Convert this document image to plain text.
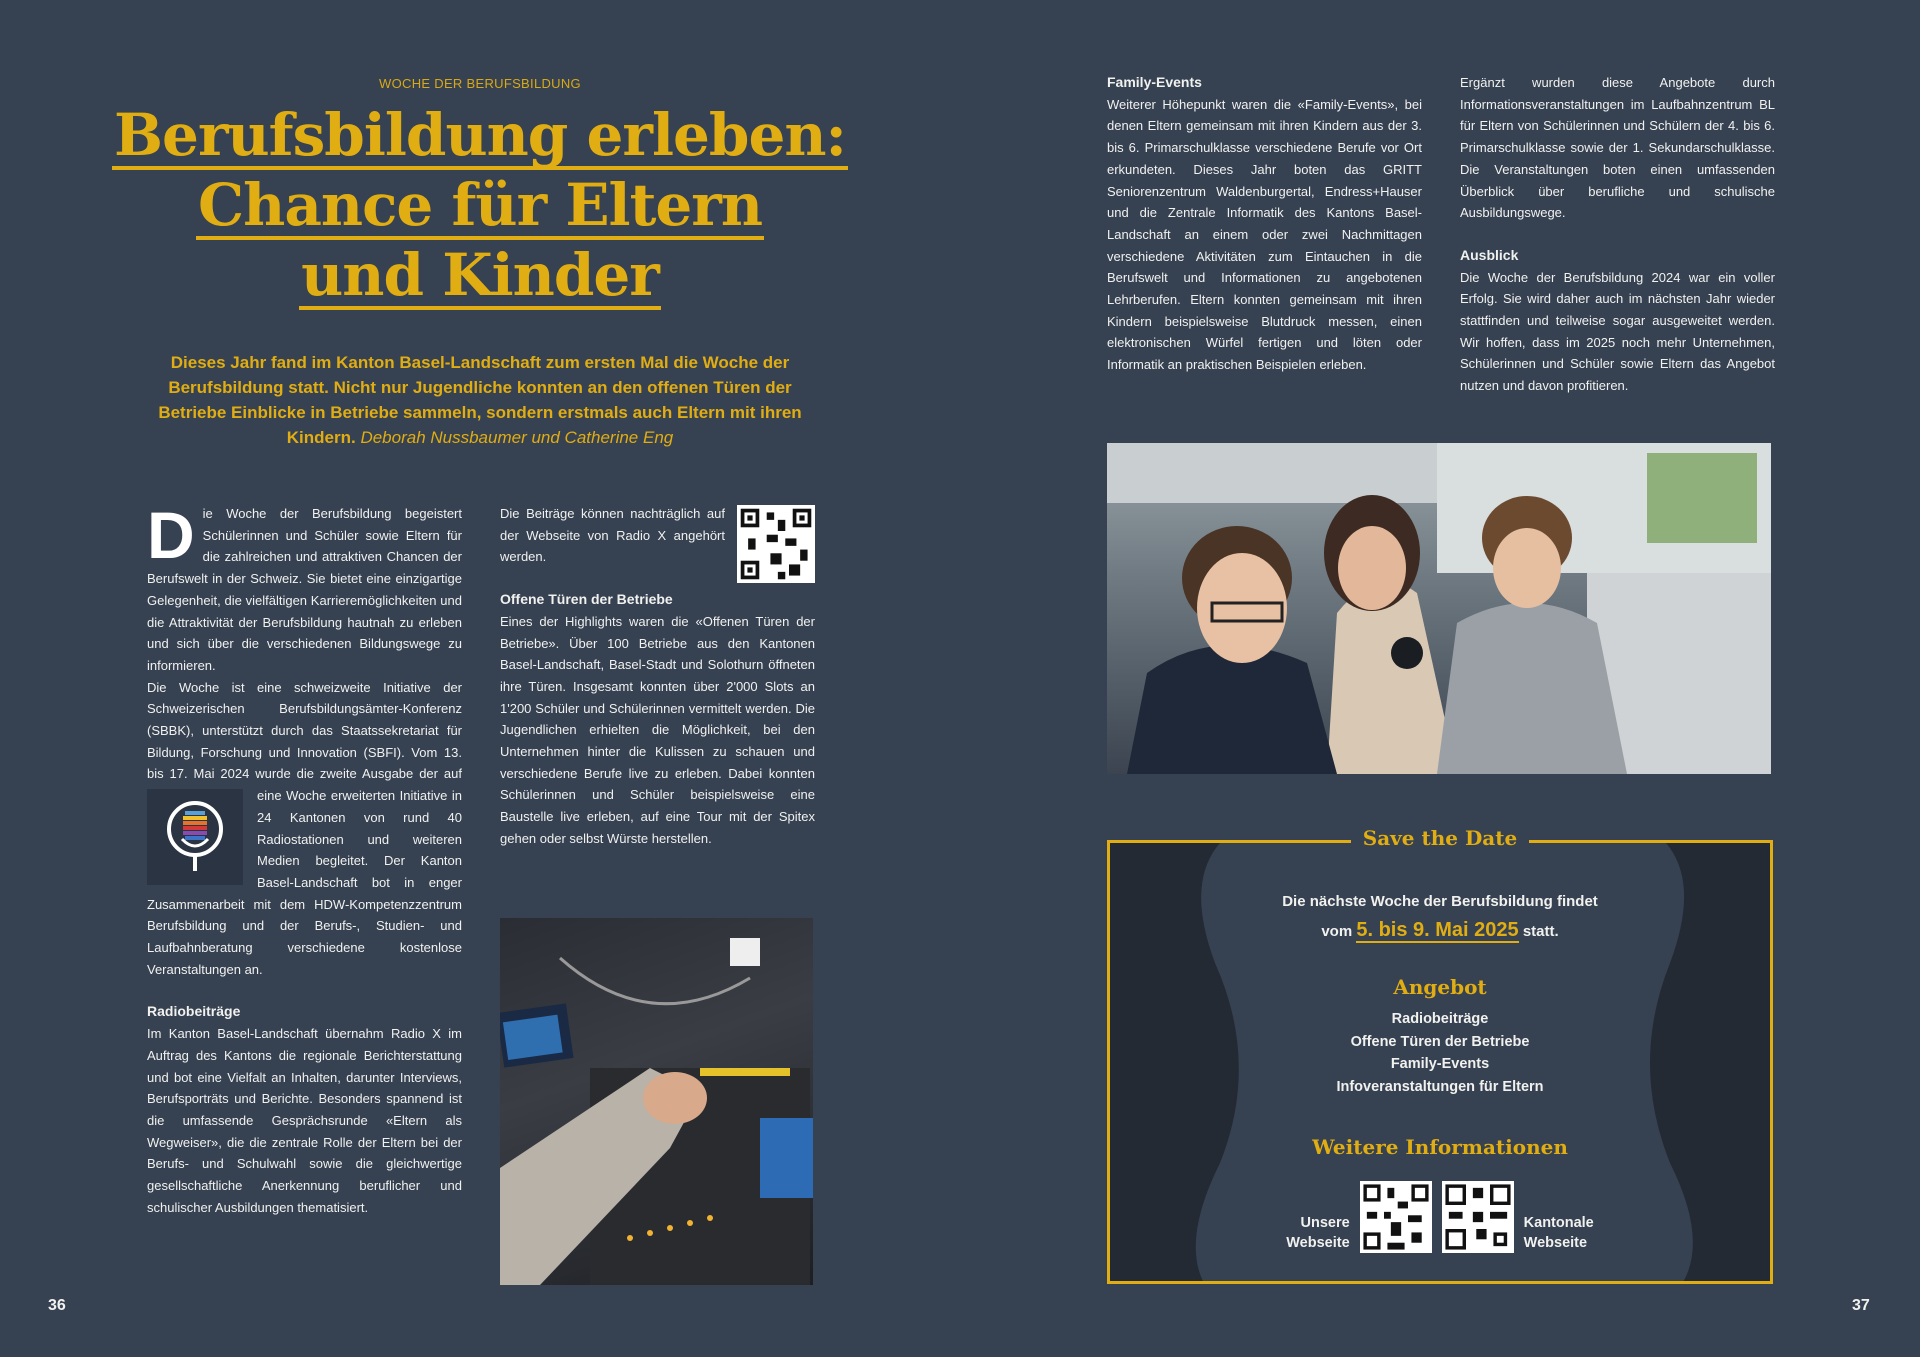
WOCHE DER BERUFSBILDUNG
Berufsbildung erleben:
Chance für Eltern
und Kinder
Dieses Jahr fand im Kanton Basel-Landschaft zum ersten Mal die Woche der Berufsbildung statt. Nicht nur Jugendliche konnten an den offenen Türen der Betriebe Einblicke in Betriebe sammeln, sondern erstmals auch Eltern mit ihren Kindern. Deborah Nussbaumer und Catherine Eng

Die Woche der Berufsbildung begeistert Schülerinnen und Schüler sowie Eltern für die zahlreichen und attraktiven Chancen der Berufswelt in der Schweiz. Sie bietet eine einzigartige Gelegenheit, die vielfältigen Karrieremöglichkeiten und die Attraktivität der Berufsbildung hautnah zu erleben und sich über die verschiedenen Bildungswege zu informieren.

Die Woche ist eine schweizweite Initiative der Schweizerischen Berufsbildungsämter-Konferenz (SBBK), unterstützt durch das Staatssekretariat für Bildung, Forschung und Innovation (SBFI). Vom 13. bis 17. Mai 2024 wurde die zweite Ausgabe der auf eine Woche erweiter
ten Initiative in 24 Kantonen von rund 40 Radiostationen und weiteren Medien begleitet. Der Kanton Basel-Landschaft bot in enger Zusammenarbeit mit dem HDW-Kompetenzzentrum Berufsbildung und der Berufs-, Studien- und Laufbahnberatung verschiedene kostenlose Veranstaltungen an.

Radiobeiträge

Im Kanton Basel-Landschaft übernahm Radio X im Auftrag des Kantons die regionale Berichterstattung und bot eine Vielfalt an Inhalten, darunter Interviews, Berufsporträts und Berichte. Besonders spannend ist die umfassende Gesprächsrunde «Eltern als Wegweiser», die die zentrale Rolle der Eltern bei der Berufs- und Schulwahl sowie die gleichwertige gesellschaftliche Anerkennung beruflicher und schulischer Ausbildungen thematisiert.

Die Beiträge können nachträglich auf der Webseite von Radio X angehört werden.

Offene Türen der Betriebe

Eines der Highlights waren die «Offenen Türen der Betriebe». Über 100 Betriebe aus den Kantonen Basel-Landschaft, Basel-Stadt und Solothurn öffneten ihre Türen. Insgesamt konnten über 2'000 Slots an 1'200 Schüler und Schülerinnen vermittelt werden. Die Jugendlichen erhielten die Möglichkeit, bei den Unternehmen hinter die Kulissen zu schauen und verschiedene Berufe live zu erleben. Dabei konnten Schülerinnen und Schüler beispielsweise eine Baustelle live erleben, auf eine Tour mit der Spitex gehen oder selbst Würste herstellen.

36
Family-Events

Weiterer Höhepunkt waren die «Family-Events», bei denen Eltern gemeinsam mit ihren Kindern aus der 3. bis 6. Primarschulklasse verschiedene Berufe vor Ort erkundeten. Dieses Jahr boten das GRITT Seniorenzentrum Waldenburgertal, Endress+Hauser und die Zentrale Informatik des Kantons Basel-Landschaft an einem oder zwei Nachmittagen verschiedene Aktivitäten zum Eintauchen in die Berufswelt und Informationen zu angebotenen Lehrberufen. Eltern konnten gemeinsam mit ihren Kindern beispielsweise Blutdruck messen, einen elektronischen Würfel fertigen und löten oder Informatik an praktischen Beispielen erleben.

Ergänzt wurden diese Angebote durch Informationsveranstaltungen im Laufbahnzentrum BL für Eltern von Schülerinnen und Schülern der 4. bis 6. Primarschulklasse sowie der 1. Sekundarschulklasse. Die Veranstaltungen boten einen umfassenden Überblick über berufliche und schulische Ausbildungswege.

Ausblick

Die Woche der Berufsbildung 2024 war ein voller Erfolg. Sie wird daher auch im nächsten Jahr wieder stattfinden und teilweise sogar ausgeweitet werden. Wir hoffen, dass im 2025 noch mehr Unternehmen, Schülerinnen und Schüler sowie Eltern das Angebot nutzen und davon profitieren.

Die nächste Woche der Berufsbildung findet
vom 5. bis 9. Mai 2025 statt.
Angebot
Radiobeiträge
Offene Türen der Betriebe
Family-Events
Infoveranstaltungen für Eltern
Weitere Informationen
Unsere
Webseite
Kantonale
Webseite
Save the Date
37
